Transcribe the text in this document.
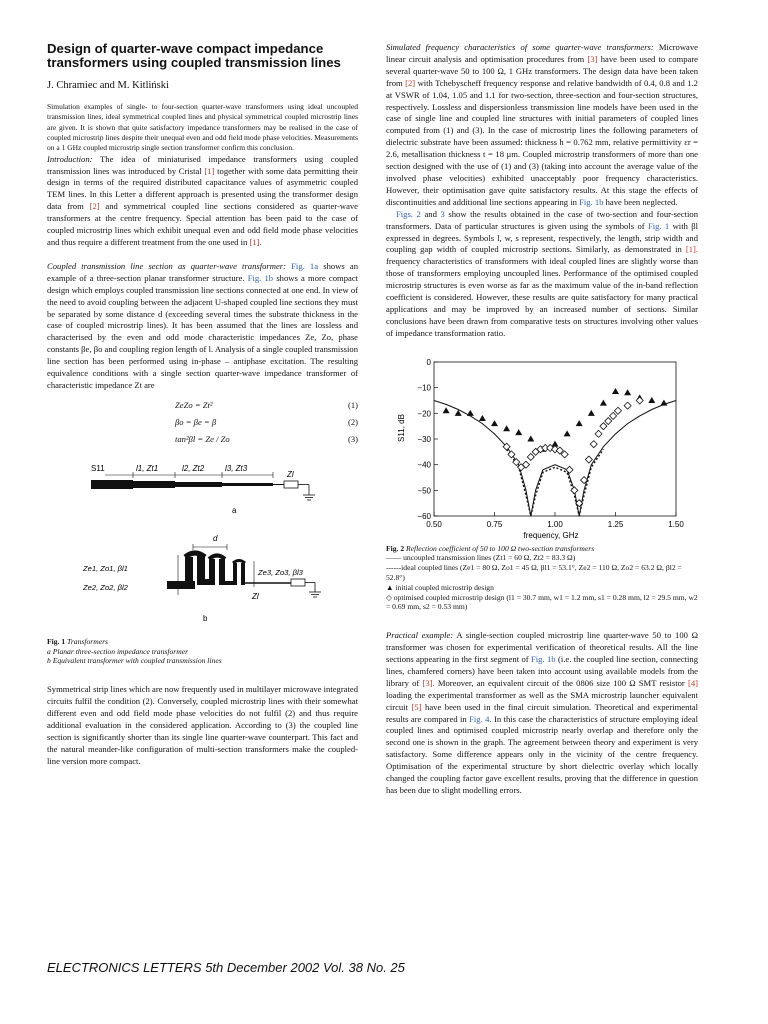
Design of quarter-wave compact impedance transformers using coupled transmission lines
J. Chramiec and M. Kitliński

Simulation examples of single- to four-section quarter-wave transformers using ideal uncoupled transmission lines, ideal symmetrical coupled lines and physical symmetrical coupled microstrip lines are given. It is shown that quite satisfactory impedance transformers may be realised in the case of coupled microstrip lines despite their unequal even and odd field mode phase velocities. Measurements on a 1 GHz coupled microstrip single section transformer confirm this conclusion.

Introduction: The idea of miniaturised impedance transformers using coupled transmission lines was introduced by Cristal [1] together with some data permitting their design in terms of the required distributed capacitance values of asymmetric coupled TEM lines. In this Letter a different approach is presented using the transformer design data from [2] and symmetrical coupled line sections considered as quarter-wave transformers at the centre frequency. Special attention has been paid to the case of coupled microstrip lines which exhibit unequal even and odd field mode phase velocities and thus require a different treatment from the one used in [1].

Coupled transmission line section as quarter-wave transformer: Fig. 1a shows an example of a three-section planar transformer structure. Fig. 1b shows a more compact design which employs coupled transmission line sections connected at one end. In view of the need to avoid coupling between the adjacent U-shaped coupled line sections they must be separated by some distance d (exceeding several times the substrate thickness in the case of coupled microstrip lines). It has been assumed that the lines are lossless and characterised by the even and odd mode characteristic impedances Ze, Zo, phase constants βe, βo and coupling region length of l. Analysis of a single coupled transmission line section has been performed using in-phase – antiphase excitation. The resulting equivalence conditions with a single section quarter-wave impedance transformer of characteristic impedance Zt are

ZeZo = Zt²	(1)
βo = βe = β	(2)
tan²βl = Ze / Zo	(3)
S11	l1, Zt1	l2, Zt2	l3, Zt3
Zl
a
d
Ze1, Zo1, βl1
Ze2, Zo2, βl2
Ze3, Zo3, βl3
Zl
b
Fig. 1 Transformers
a Planar three-section impedance transformer
b Equivalent transformer with coupled transmission lines

Symmetrical strip lines which are now frequently used in multilayer microwave integrated circuits fulfil the condition (2). Conversely, coupled microstrip lines with their somewhat different even and odd field mode phase velocities do not fulfil (2) and thus require additional evaluation in the considered application. According to (3) the coupled line section is significantly shorter than its single line quarter-wave counterpart. This fact and the natural meander-like configuration of multi-section transformers make the coupled-line version more compact.

Simulated frequency characteristics of some quarter-wave transformers: Microwave linear circuit analysis and optimisation procedures from [3] have been used to compare several quarter-wave 50 to 100 Ω, 1 GHz transformers. The design data have been taken from [2] with Tchebyscheff frequency response and relative bandwidth of 0.4, 0.8 and 1.2 at VSWR of 1.04, 1.05 and 1.1 for two-section, three-section and four-section structures, respectively. Lossless and dispersionless transmission line models have been used in the case of single line and coupled line structures with initial parameters of coupled lines computed from (1) and (3). In the case of microstrip lines the following parameters of dielectric substrate have been assumed: thickness h = 0.762 mm, relative permittivity εr = 2.6, metallisation thickness t = 18 μm. Coupled microstrip transformers of more than one section designed with the use of (1) and (3) (taking into account the average value of the involved phase velocities) exhibited unacceptably poor frequency characteristics. However, their optimisation gave quite satisfactory results. At this stage the effects of discontinuities and additional line sections appearing in Fig. 1b have been neglected.

Figs. 2 and 3 show the results obtained in the case of two-section and four-section transformers. Data of particular structures is given using the symbols of Fig. 1 with βl expressed in degrees. Symbols l, w, s represent, respectively, the length, strip width and coupling gap width of coupled microstrip sections. Similarly, as demonstrated in [1]. frequency characteristics of transformers with ideal coupled lines are slightly worse than those of transformers employing uncoupled lines. Performance of the optimised coupled microstrip structures is even worse as far as the maximum value of the in-band reflection coefficient is considered. However, these results are quite satisfactory for many practical applications and may be improved by an increased number of sections. Similar conclusions have been drawn from comparative tests on structures involving other values of impedance transformation ratio.

0.50	0.75	1.00	1.25	1.50
0
−10
−20
−30
−40
−50
−60
frequency, GHz
S11, dB
Fig. 2 Reflection coefficient of 50 to 100 Ω two-section transformers
—— uncoupled transmission lines (Zt1 = 60 Ω, Zt2 = 83.3 Ω)
------ideal coupled lines (Ze1 = 80 Ω, Zo1 = 45 Ω, βl1 = 53.1°, Ze2 = 110 Ω, Zo2 = 63.2 Ω, βl2 = 52.8°)
▲ initial coupled microstrip design
◇ optimised coupled microstrip design (l1 = 30.7 mm, w1 = 1.2 mm, s1 = 0.28 mm, l2 = 29.5 mm, w2 = 0.69 mm, s2 = 0.53 mm)

Practical example: A single-section coupled microstrip line quarter-wave 50 to 100 Ω transformer was chosen for experimental verification of theoretical results. All the line sections appearing in the first segment of Fig. 1b (i.e. the coupled line section, connecting lines, chamfered corners) have been taken into account using available models from the library of [3]. Moreover, an equivalent circuit of the 0806 size 100 Ω SMT resistor [4] loading the experimental transformer as well as the SMA microstrip launcher equivalent circuit [5] have been used in the final circuit simulation. Theoretical and experimental results are compared in Fig. 4. In this case the characteristics of structure employing ideal coupled lines and optimised coupled microstrip nearly overlap and therefore only the second one is shown in the graph. The agreement between theory and experiment is very satisfactory. Some difference appears only in the vicinity of the centre frequency. Optimisation of the experimental structure by short dielectric overlay which locally changed the coupling factor gave excellent results, proving that the difference in question has been due to slight modelling errors.

ELECTRONICS LETTERS 5th December 2002 Vol. 38 No. 25
